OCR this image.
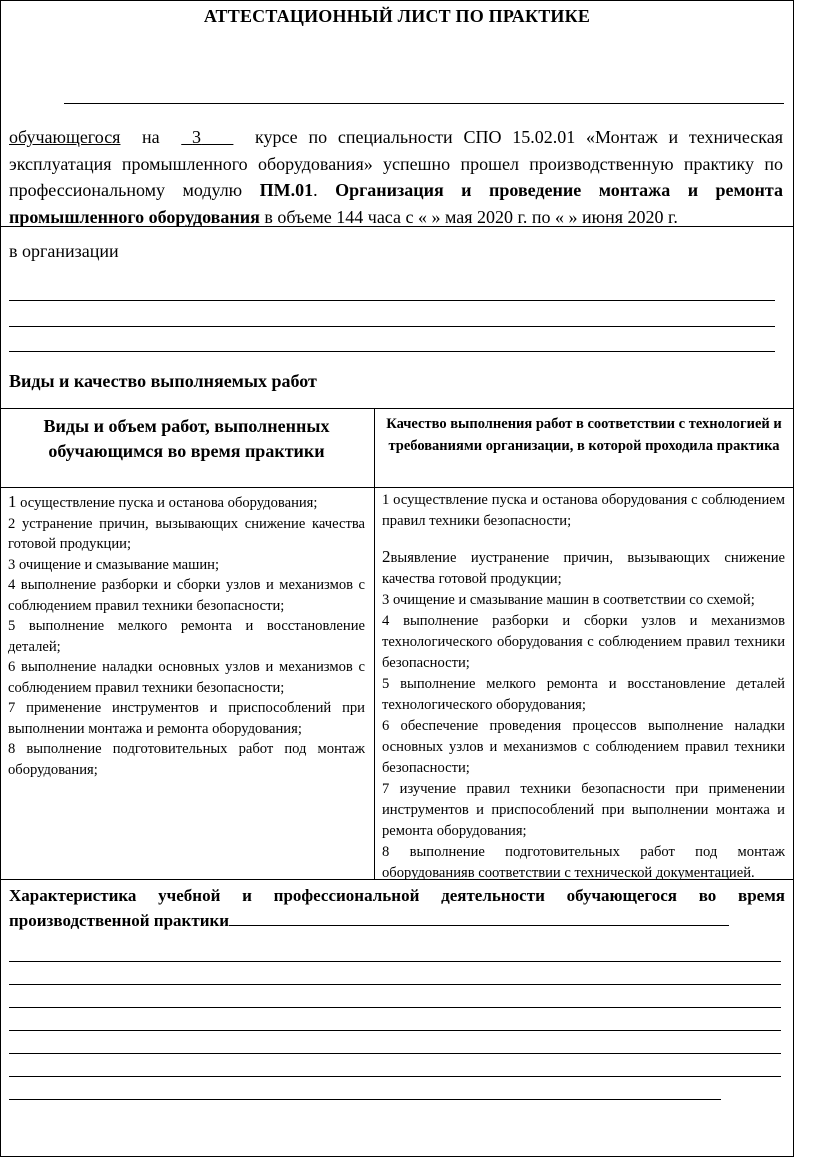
АТТЕСТАЦИОННЫЙ ЛИСТ ПО ПРАКТИКЕ
обучающегося на 3	курсе по специальности СПО 15.02.01 «Монтаж и техническая эксплуатация промышленного оборудования» успешно прошел производственную практику по профессиональному модулю ПМ.01. Организация и проведение монтажа и ремонта промышленного оборудования в объеме 144 часа с « » мая 2020 г. по « » июня 2020 г.
в организации
Виды и качество выполняемых работ
Виды и объем работ, выполненных обучающимся во время практики
Качество выполнения работ в соответствии с технологией и требованиями организации, в которой проходила практика

1 осуществление пуска и останова оборудования;

2 устранение причин, вызывающих снижение качества готовой продукции;

3 очищение и смазывание машин;

4 выполнение разборки и сборки узлов и механизмов с соблюдением правил техники безопасности;

5 выполнение мелкого ремонта и восстановление деталей;

6 выполнение наладки основных узлов и механизмов с соблюдением правил техники безопасности;

7 применение инструментов и приспособлений при выполнении монтажа и ремонта оборудования;

8 выполнение подготовительных работ под монтаж оборудования;

1 осуществление пуска и останова оборудования с соблюдением правил техники безопасности;

2выявление иустранение причин, вызывающих снижение качества готовой продукции;

3 очищение и смазывание машин в соответствии со схемой;

4 выполнение разборки и сборки узлов и механизмов технологического оборудования с соблюдением правил техники безопасности;

5 выполнение мелкого ремонта и восстановление деталей технологического оборудования;

6 обеспечение проведения процессов выполнение наладки основных узлов и механизмов с соблюдением правил техники безопасности;

7 изучение правил техники безопасности при применении инструментов и приспособлений при выполнении монтажа и ремонта оборудования;

8 выполнение подготовительных работ под монтаж оборудованияв соответствии с технической документацией.

Характеристика учебной и профессиональной деятельности обучающегося во время производственной практики
